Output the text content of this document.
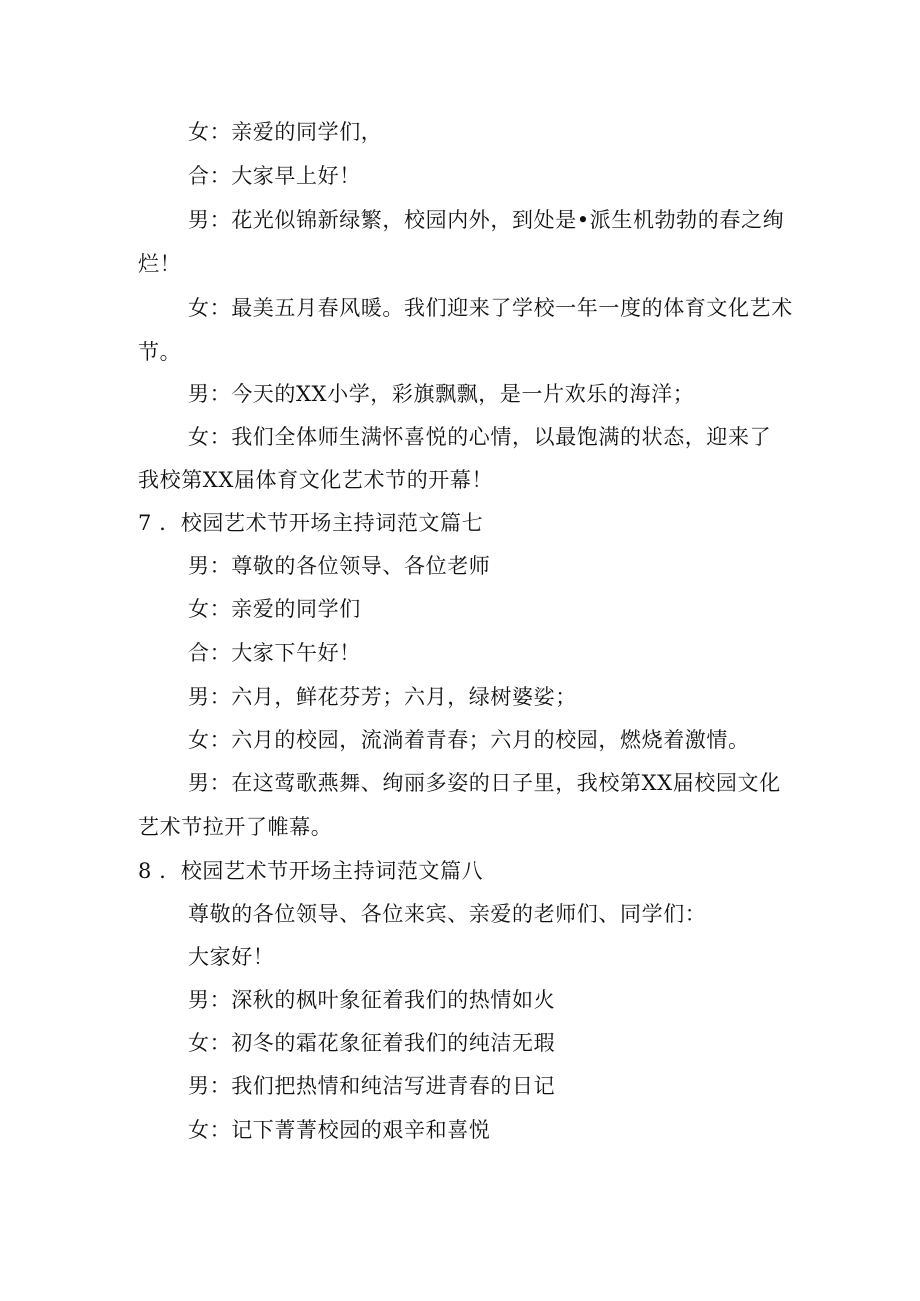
女：亲爱的同学们，
合：大家早上好！
男：花光似锦新绿繁，校园内外，到处是•派生机勃勃的春之绚
烂！
女：最美五月春风暖。我们迎来了学校一年一度的体育文化艺术
节。
男：今天的XX小学，彩旗飘飘，是一片欢乐的海洋；
女：我们全体师生满怀喜悦的心情，以最饱满的状态，迎来了
我校第XX届体育文化艺术节的开幕！
7 ．校园艺术节开场主持词范文篇七
男：尊敬的各位领导、各位老师
女：亲爱的同学们
合：大家下午好！
男：六月，鲜花芬芳；六月，绿树婆娑；
女：六月的校园，流淌着青春；六月的校园，燃烧着激情。
男：在这莺歌燕舞、绚丽多姿的日子里，我校第XX届校园文化
艺术节拉开了帷幕。
8 ．校园艺术节开场主持词范文篇八
尊敬的各位领导、各位来宾、亲爱的老师们、同学们：
大家好！
男：深秋的枫叶象征着我们的热情如火
女：初冬的霜花象征着我们的纯洁无瑕
男：我们把热情和纯洁写进青春的日记
女：记下菁菁校园的艰辛和喜悦
